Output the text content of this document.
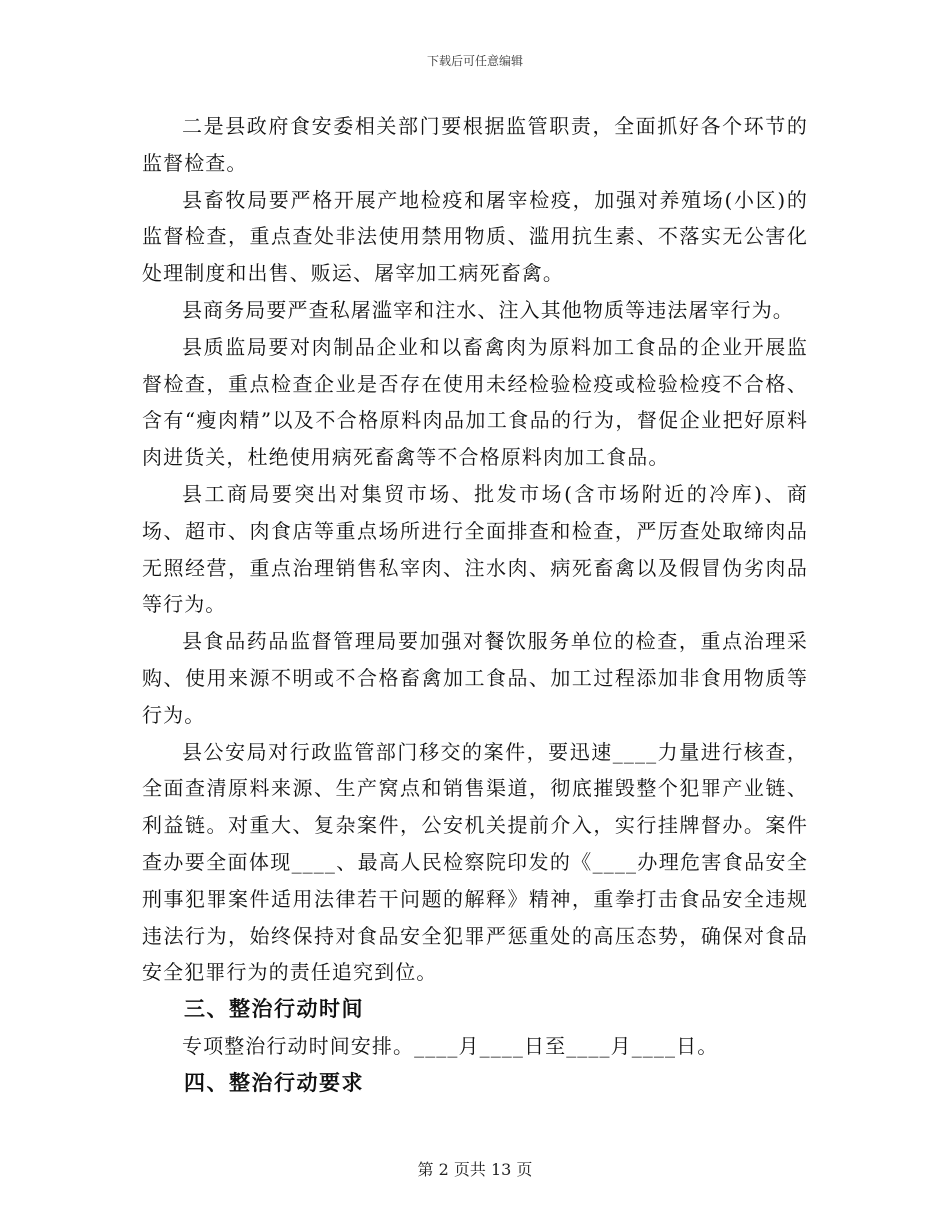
下载后可任意编辑

二是县政府食安委相关部门要根据监管职责，全面抓好各个环节的监督检查。

县畜牧局要严格开展产地检疫和屠宰检疫，加强对养殖场(小区)的监督检查，重点查处非法使用禁用物质、滥用抗生素、不落实无公害化处理制度和出售、贩运、屠宰加工病死畜禽。

县商务局要严查私屠滥宰和注水、注入其他物质等违法屠宰行为。

县质监局要对肉制品企业和以畜禽肉为原料加工食品的企业开展监督检查，重点检查企业是否存在使用未经检验检疫或检验检疫不合格、含有“瘦肉精”以及不合格原料肉品加工食品的行为，督促企业把好原料肉进货关，杜绝使用病死畜禽等不合格原料肉加工食品。

县工商局要突出对集贸市场、批发市场(含市场附近的冷库)、商场、超市、肉食店等重点场所进行全面排查和检查，严厉查处取缔肉品无照经营，重点治理销售私宰肉、注水肉、病死畜禽以及假冒伪劣肉品等行为。

县食品药品监督管理局要加强对餐饮服务单位的检查，重点治理采购、使用来源不明或不合格畜禽加工食品、加工过程添加非食用物质等行为。

县公安局对行政监管部门移交的案件，要迅速____力量进行核查，全面查清原料来源、生产窝点和销售渠道，彻底摧毁整个犯罪产业链、利益链。对重大、复杂案件，公安机关提前介入，实行挂牌督办。案件查办要全面体现____、最高人民检察院印发的《____办理危害食品安全刑事犯罪案件适用法律若干问题的解释》精神，重拳打击食品安全违规违法行为，始终保持对食品安全犯罪严惩重处的高压态势，确保对食品安全犯罪行为的责任追究到位。

三、整治行动时间

专项整治行动时间安排。____月____日至____月____日。

四、整治行动要求

第 2 页共 13 页
